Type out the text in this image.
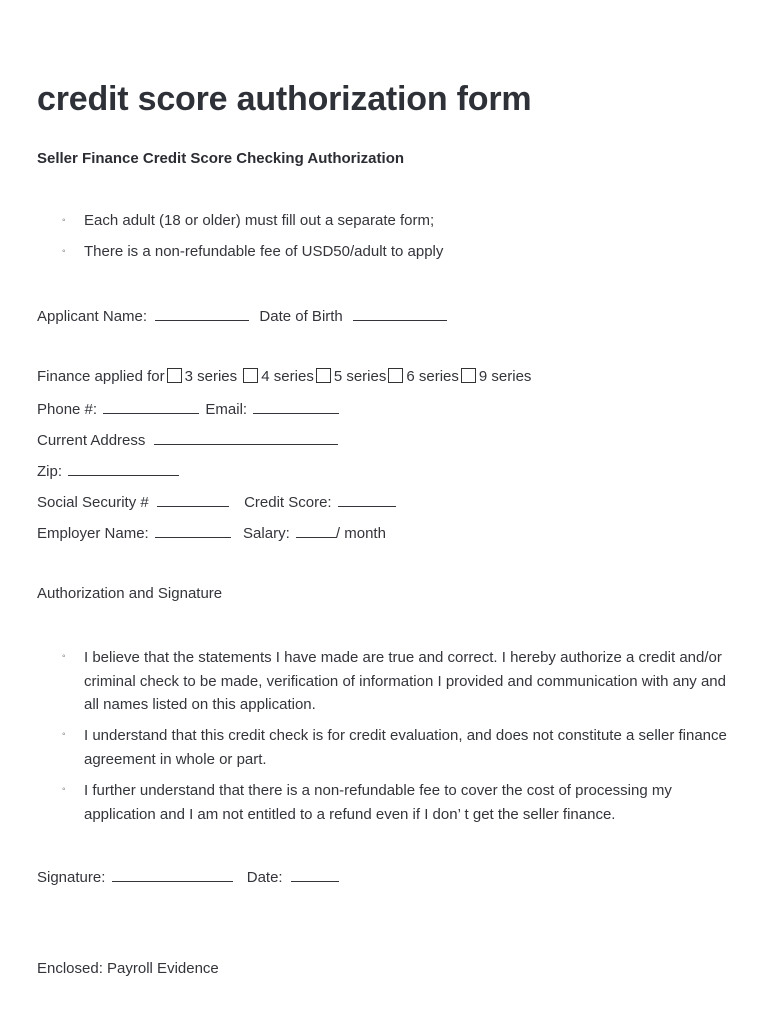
credit score authorization form
Seller Finance Credit Score Checking Authorization
◦ Each adult (18 or older) must fill out a separate form;
◦ There is a non-refundable fee of USD50/adult to apply
Applicant Name:	Date of Birth
Finance applied for 3 series 4 series 5 series 6 series 9 series
Phone #:	Email:
Current Address
Zip:
Social Security #	Credit Score:
Employer Name:	Salary:	/ month
Authorization and Signature
◦ I believe that the statements I have made are true and correct. I hereby authorize a credit and/or criminal check to be made, verification of information I provided and communication with any and all names listed on this application.
◦ I understand that this credit check is for credit evaluation, and does not constitute a seller finance agreement in whole or part.
◦ I further understand that there is a non-refundable fee to cover the cost of processing my application and I am not entitled to a refund even if I don’ t get the seller finance.
Signature:	Date:
Enclosed: Payroll Evidence
